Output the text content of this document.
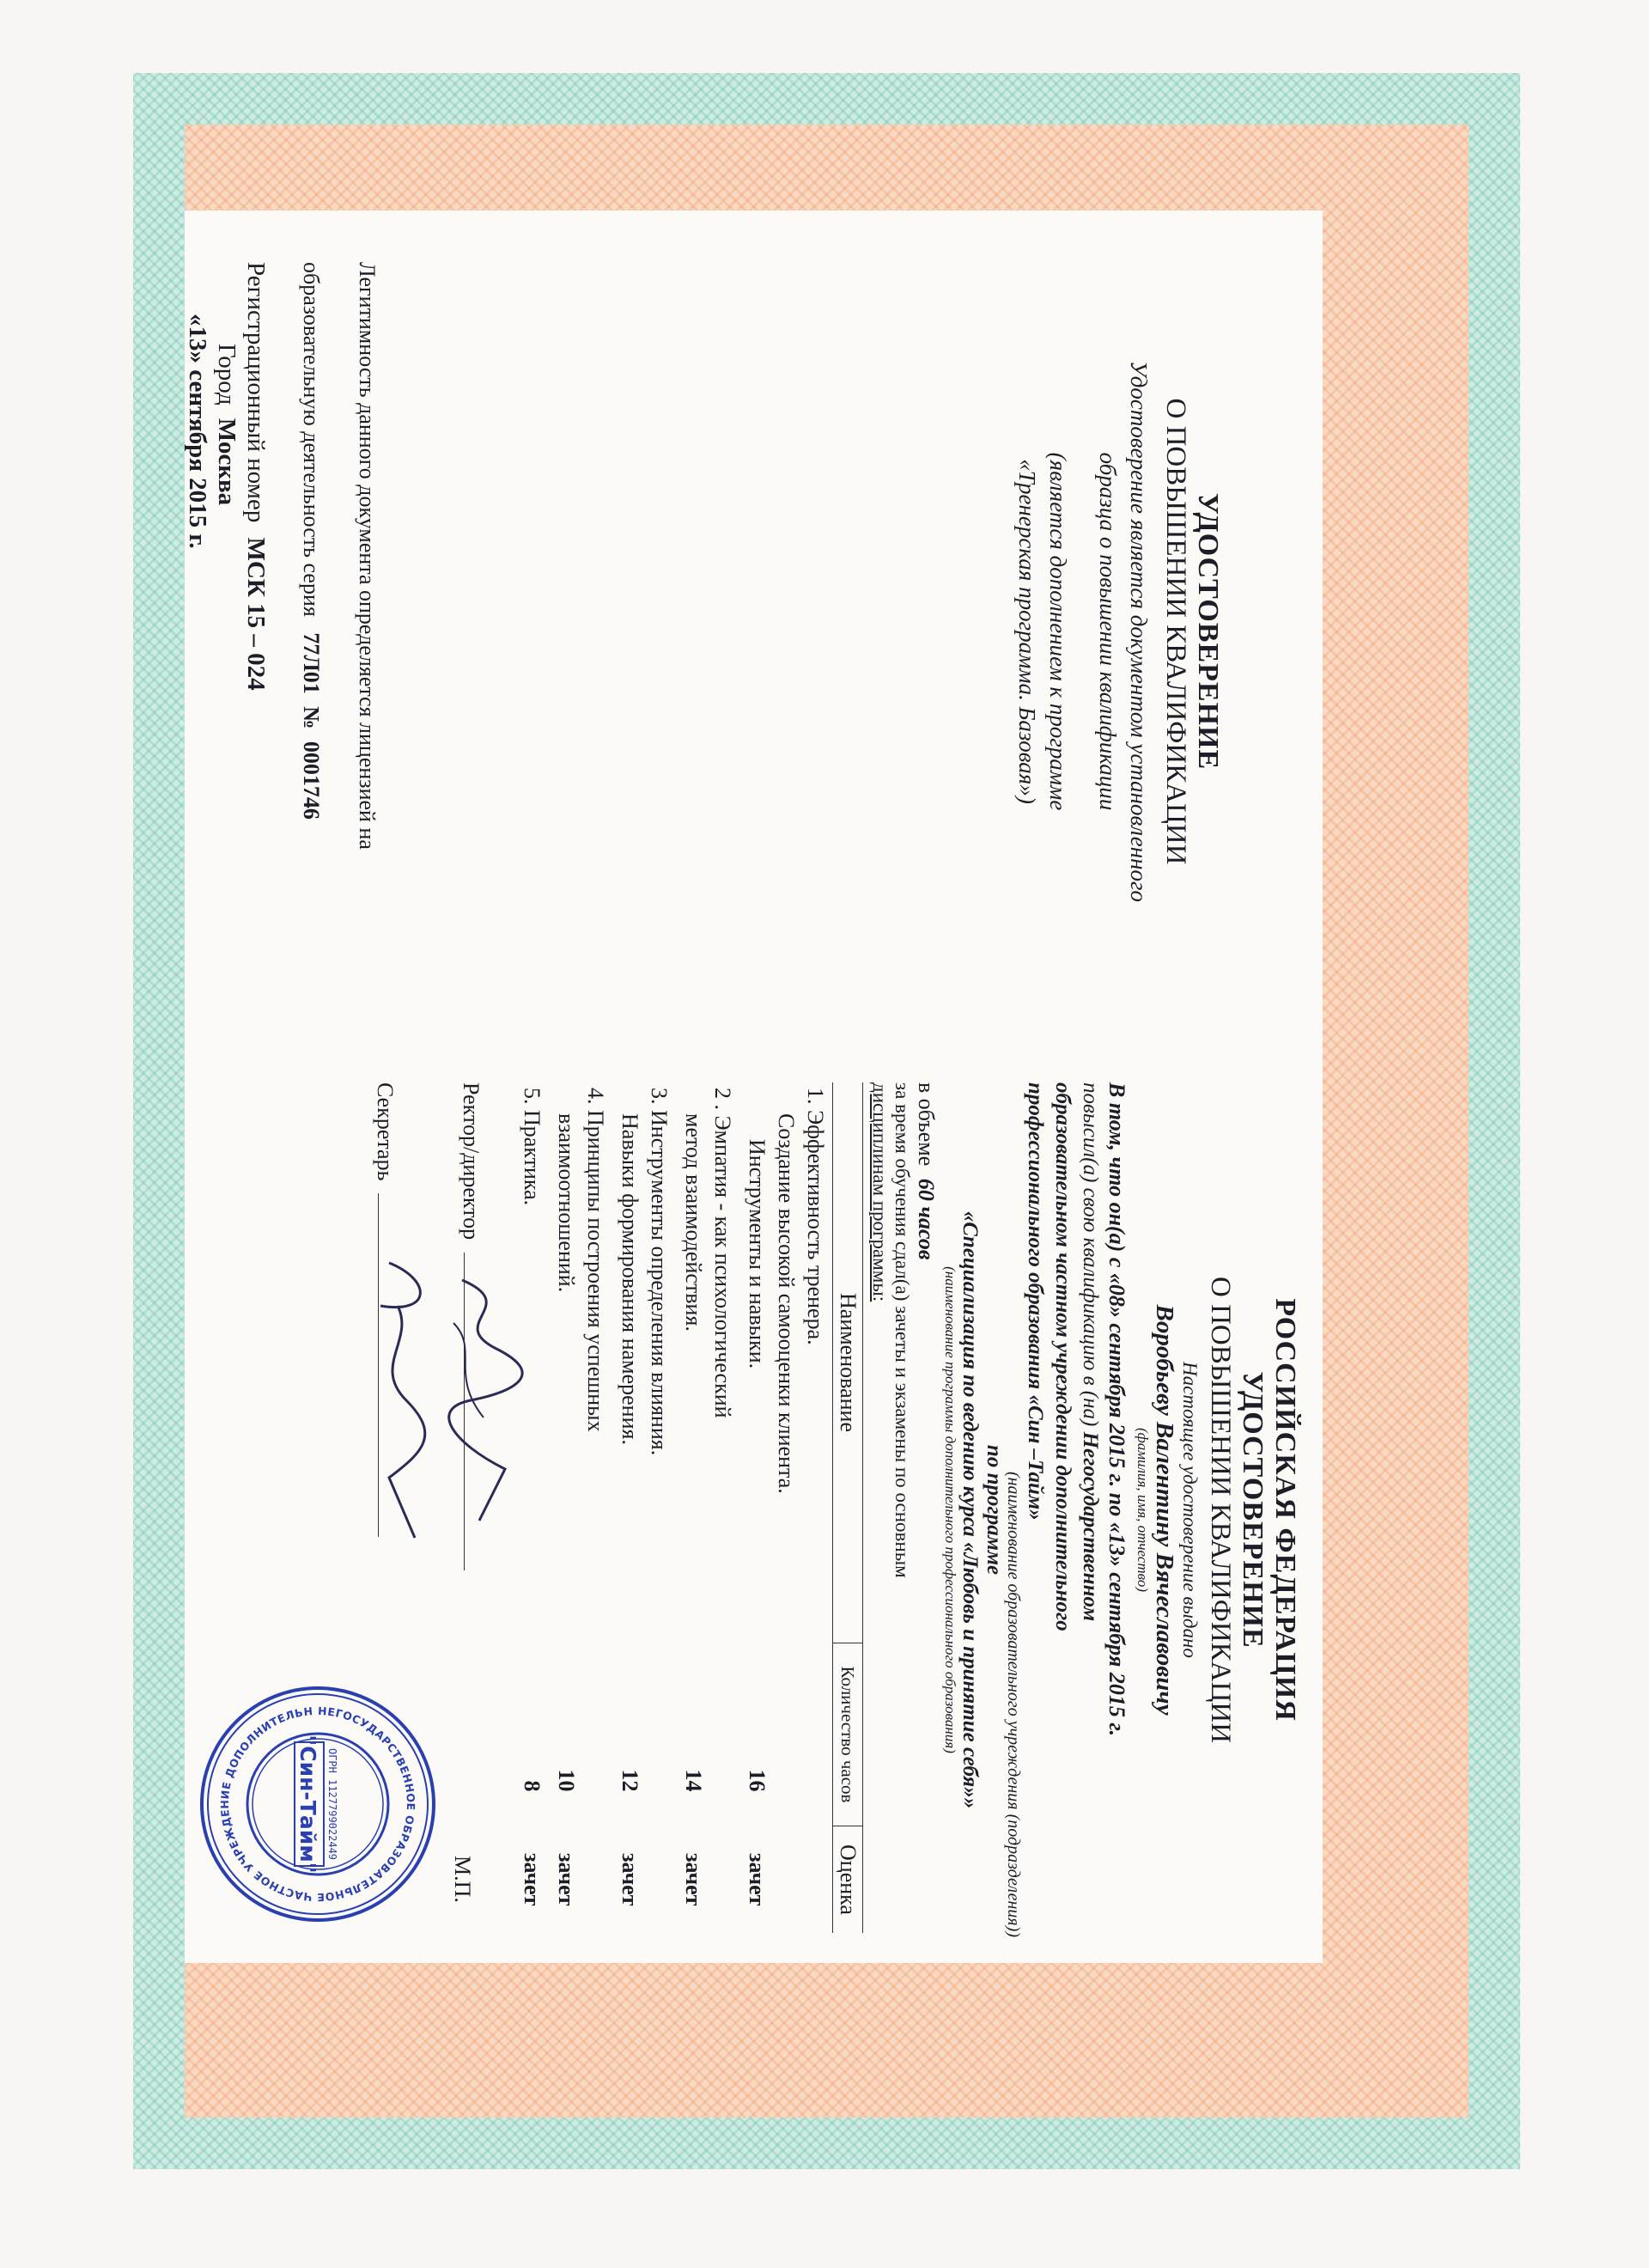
УДОСТОВЕРЕНИЕ
О ПОВЫШЕНИИ КВАЛИФИКАЦИИ
Удостоверение является документом установленного
образца о повышении квалификации
(является дополнением к программе
«Тренерская программа. Базовая»)
Легитимность данного документа определяется лицензией на
образовательную деятельность серия 77Л01 № 0001746
РОССИЙСКАЯ ФЕДЕРАЦИЯ
УДОСТОВЕРЕНИЕ
О ПОВЫШЕНИИ КВАЛИФИКАЦИИ
Настоящее удостоверение выдано
Воробьеву Валентину Вячеславовичу
(фамилия, имя, отчество)
В том, что он(а) с «08» сентября 2015 г. по «13» сентября 2015 г.
повысил(а) свою квалификацию в (на) Негосударственном
образовательном частном учреждении дополнительного
профессионального образования «Син –Тайм»
(наименование образовательного учреждения (подразделения))
по программе
«Специализация по ведению курса «Любовь и принятие себя»»
(наименование программы дополнительного профессионального образования)
в объеме 60 часов
за время обучения сдал(а) зачеты и экзамены по основным
дисциплинам программы:
Наименование	Количество часов	Оценка

1. Эффективность тренера.
Создание высокой самооценки клиента.
Инструменты и навыки.	16	зачет

2 . Эмпатия - как психологический
метод взаимодействия.	14	зачет

3. Инструменты определения влияния.
Навыки формирования намерения.	12	зачет

4. Принципы построения успешных
взаимоотношений.	10	зачет

5. Практика.	8	зачет
Ректор/директор
М.П.
Секретарь
НЕГОСУДАРСТВЕННОЕ ОБРАЗОВАТЕЛЬНОЕ ЧАСТНОЕ УЧРЕЖДЕНИЕ ДОПОЛНИТЕЛЬН
ОГРН 1127799022449
"Син-Тайм"
Регистрационный номер МСК 15 – 024
Город Москва
«13» сентября 2015 г.
